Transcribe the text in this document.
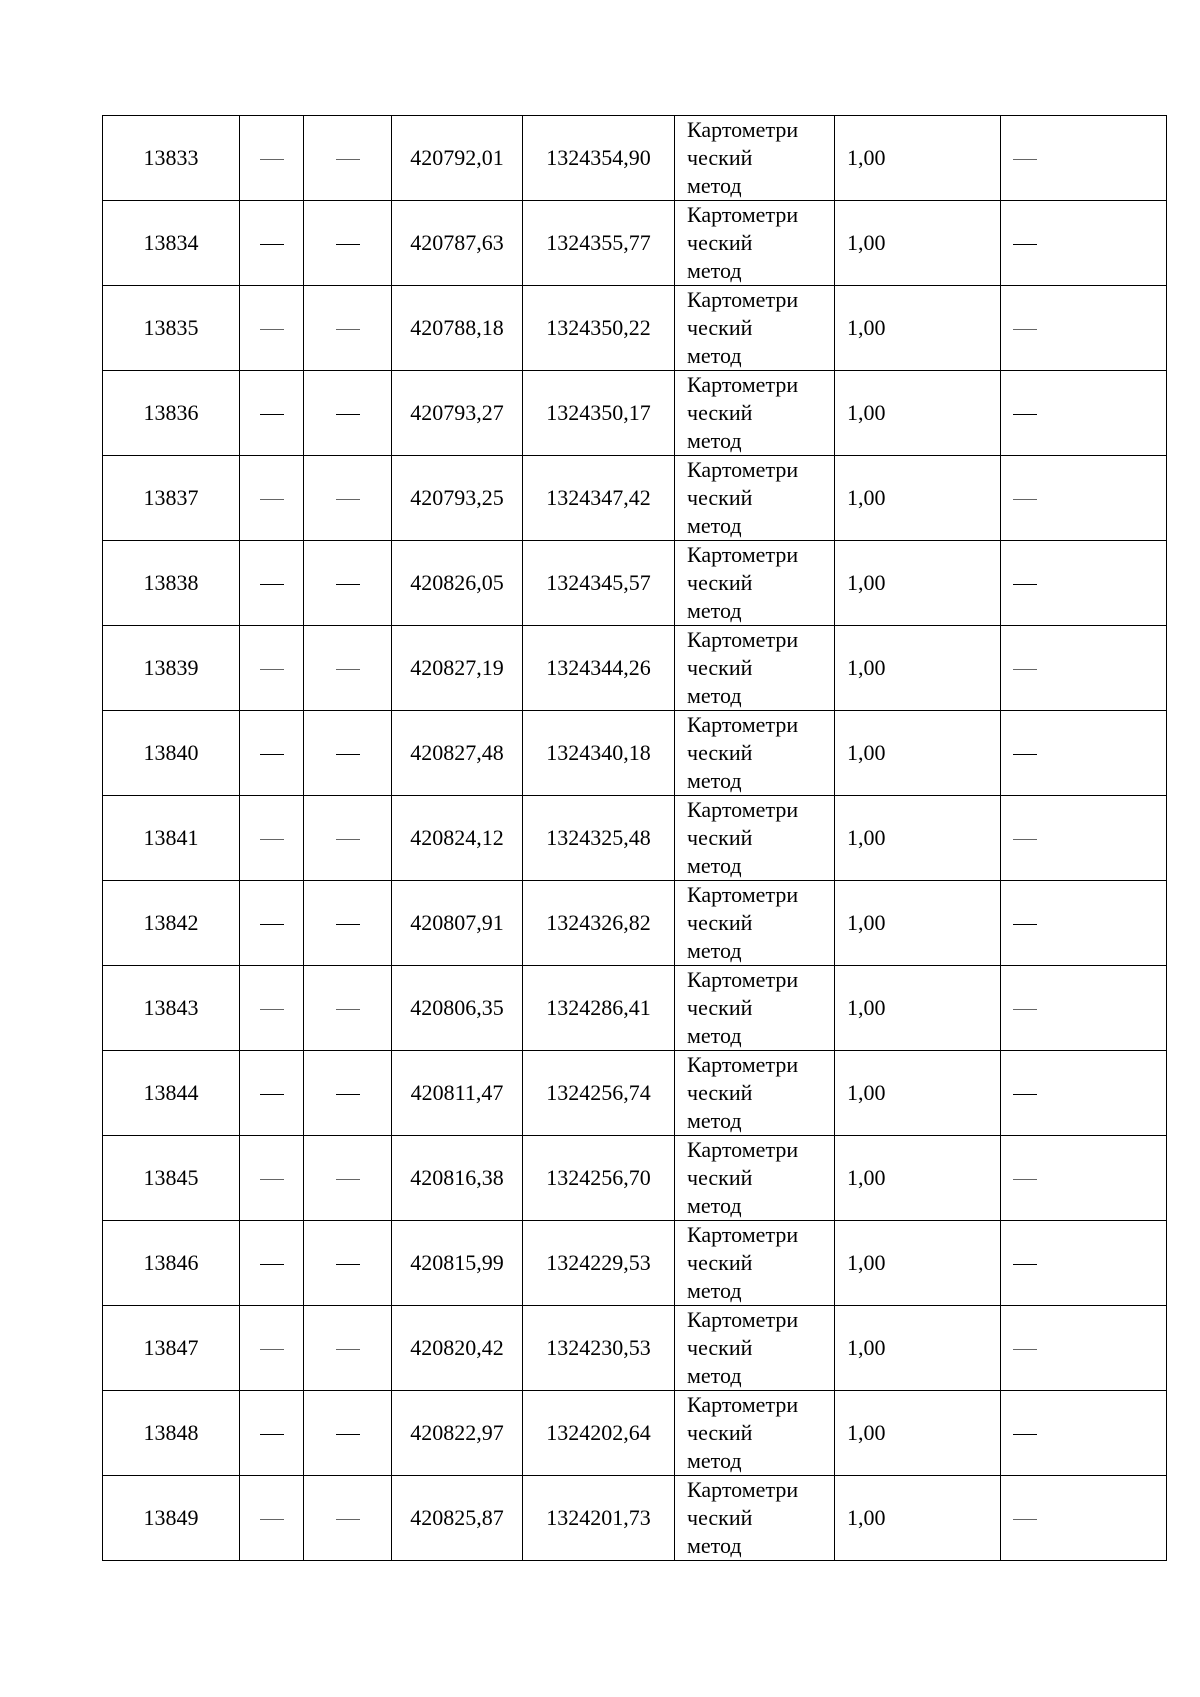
13833			420792,01	1324354,90	Картометри
ческий
метод	1,00	
13834			420787,63	1324355,77	Картометри
ческий
метод	1,00	
13835			420788,18	1324350,22	Картометри
ческий
метод	1,00	
13836			420793,27	1324350,17	Картометри
ческий
метод	1,00	
13837			420793,25	1324347,42	Картометри
ческий
метод	1,00	
13838			420826,05	1324345,57	Картометри
ческий
метод	1,00	
13839			420827,19	1324344,26	Картометри
ческий
метод	1,00	
13840			420827,48	1324340,18	Картометри
ческий
метод	1,00	
13841			420824,12	1324325,48	Картометри
ческий
метод	1,00	
13842			420807,91	1324326,82	Картометри
ческий
метод	1,00	
13843			420806,35	1324286,41	Картометри
ческий
метод	1,00	
13844			420811,47	1324256,74	Картометри
ческий
метод	1,00	
13845			420816,38	1324256,70	Картометри
ческий
метод	1,00	
13846			420815,99	1324229,53	Картометри
ческий
метод	1,00	
13847			420820,42	1324230,53	Картометри
ческий
метод	1,00	
13848			420822,97	1324202,64	Картометри
ческий
метод	1,00	
13849			420825,87	1324201,73	Картометри
ческий
метод	1,00	
